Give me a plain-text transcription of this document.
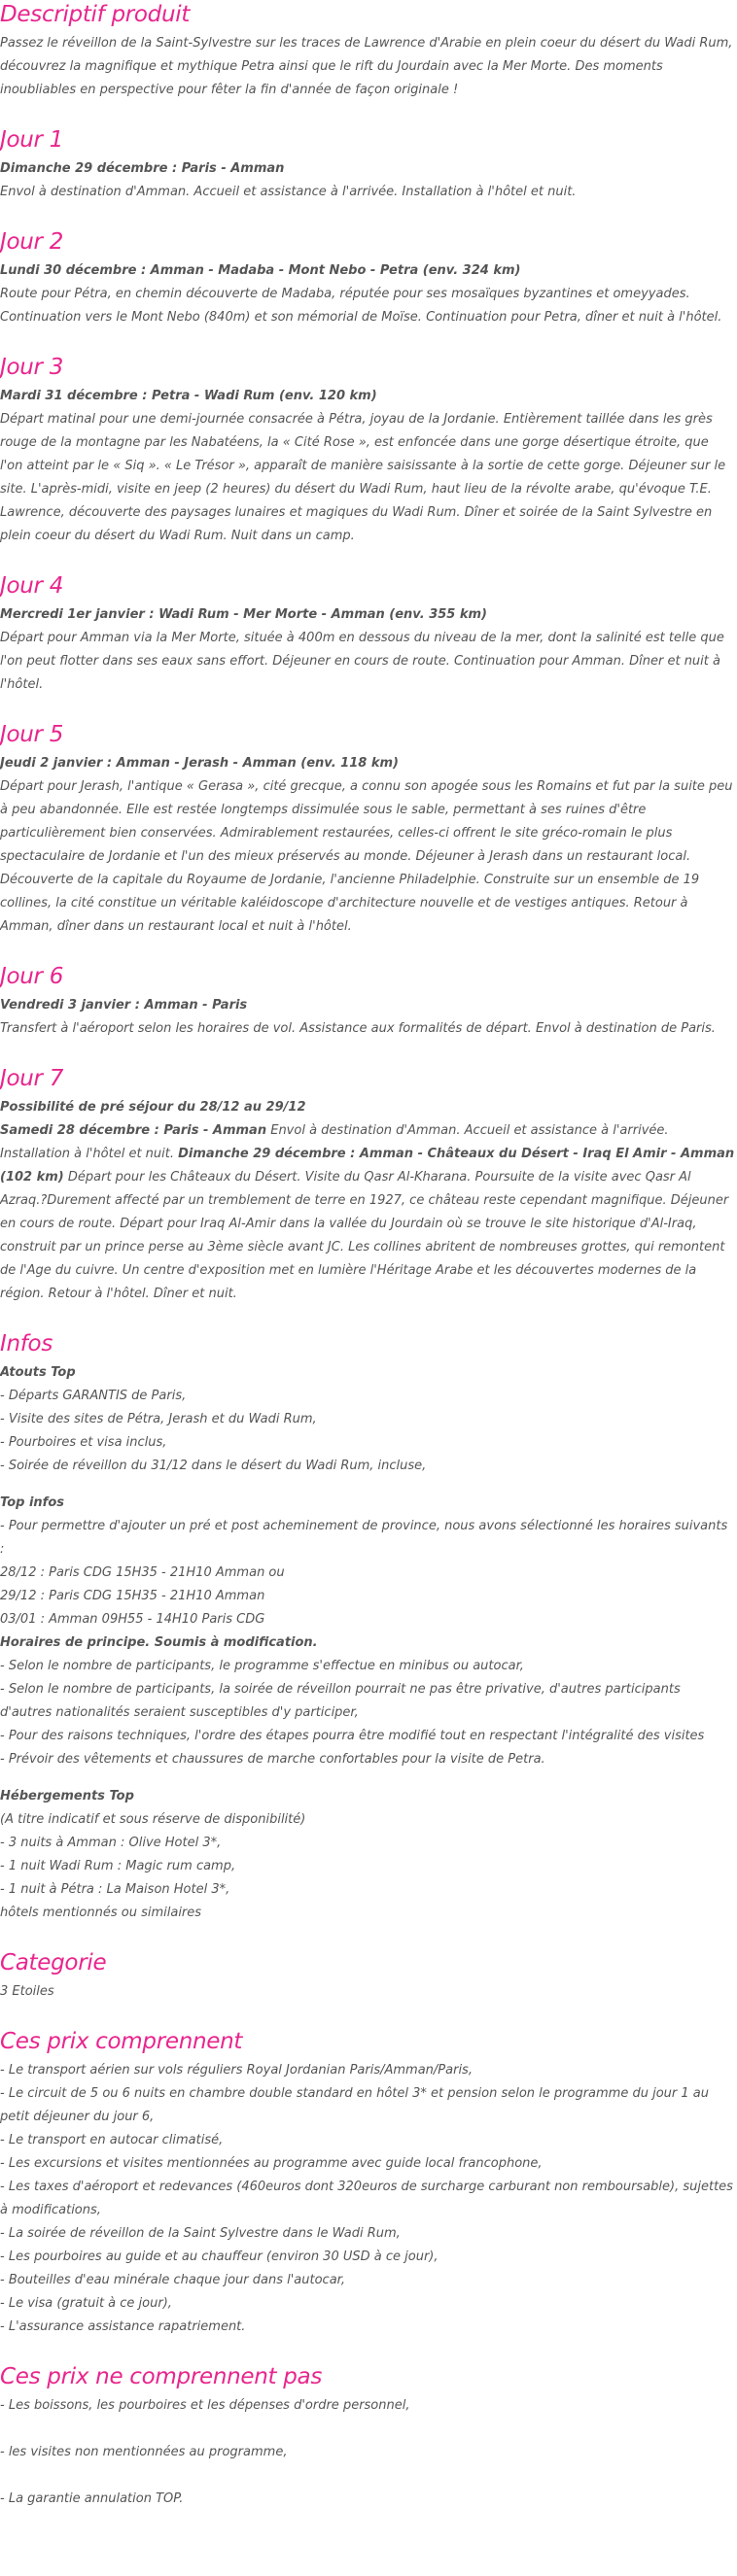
Descriptif produit

Passez le réveillon de la Saint-Sylvestre sur les traces de Lawrence d'Arabie en plein coeur du désert du Wadi Rum, découvrez la magnifique et mythique Petra ainsi que le rift du Jourdain avec la Mer Morte. Des moments inoubliables en perspective pour fêter la fin d'année de façon originale !

Jour 1

Dimanche 29 décembre : Paris - Amman

Envol à destination d'Amman. Accueil et assistance à l'arrivée. Installation à l'hôtel et nuit.

Jour 2

Lundi 30 décembre : Amman - Madaba - Mont Nebo - Petra (env. 324 km)

Route pour Pétra, en chemin découverte de Madaba, réputée pour ses mosaïques byzantines et omeyyades. Continuation vers le Mont Nebo (840m) et son mémorial de Moïse. Continuation pour Petra, dîner et nuit à l'hôtel.

Jour 3

Mardi 31 décembre : Petra - Wadi Rum (env. 120 km)

Départ matinal pour une demi-journée consacrée à Pétra, joyau de la Jordanie. Entièrement taillée dans les grès rouge de la montagne par les Nabatéens, la « Cité Rose », est enfoncée dans une gorge désertique étroite, que l'on atteint par le « Siq ». « Le Trésor », apparaît de manière saisissante à la sortie de cette gorge. Déjeuner sur le site. L'après-midi, visite en jeep (2 heures) du désert du Wadi Rum, haut lieu de la révolte arabe, qu'évoque T.E. Lawrence, découverte des paysages lunaires et magiques du Wadi Rum. Dîner et soirée de la Saint Sylvestre en plein coeur du désert du Wadi Rum. Nuit dans un camp.

Jour 4

Mercredi 1er janvier : Wadi Rum - Mer Morte - Amman (env. 355 km)

Départ pour Amman via la Mer Morte, située à 400m en dessous du niveau de la mer, dont la salinité est telle que l'on peut flotter dans ses eaux sans effort. Déjeuner en cours de route. Continuation pour Amman. Dîner et nuit à l'hôtel.

Jour 5

Jeudi 2 janvier : Amman - Jerash - Amman (env. 118 km)

Départ pour Jerash, l'antique « Gerasa », cité grecque, a connu son apogée sous les Romains et fut par la suite peu à peu abandonnée. Elle est restée longtemps dissimulée sous le sable, permettant à ses ruines d'être particulièrement bien conservées. Admirablement restaurées, celles-ci offrent le site gréco-romain le plus spectaculaire de Jordanie et l'un des mieux préservés au monde. Déjeuner à Jerash dans un restaurant local. Découverte de la capitale du Royaume de Jordanie, l'ancienne Philadelphie. Construite sur un ensemble de 19 collines, la cité constitue un véritable kaléidoscope d'architecture nouvelle et de vestiges antiques. Retour à Amman, dîner dans un restaurant local et nuit à l'hôtel.

Jour 6

Vendredi 3 janvier : Amman - Paris

Transfert à l'aéroport selon les horaires de vol. Assistance aux formalités de départ. Envol à destination de Paris.

Jour 7

Possibilité de pré séjour du 28/12 au 29/12

Samedi 28 décembre : Paris - Amman Envol à destination d'Amman. Accueil et assistance à l'arrivée. Installation à l'hôtel et nuit. Dimanche 29 décembre : Amman - Châteaux du Désert - Iraq El Amir - Amman (102 km) Départ pour les Châteaux du Désert. Visite du Qasr Al-Kharana. Poursuite de la visite avec Qasr Al Azraq.?Durement affecté par un tremblement de terre en 1927, ce château reste cependant magnifique. Déjeuner en cours de route. Départ pour Iraq Al-Amir dans la vallée du Jourdain où se trouve le site historique d'Al-Iraq, construit par un prince perse au 3ème siècle avant JC. Les collines abritent de nombreuses grottes, qui remontent de l'Age du cuivre. Un centre d'exposition met en lumière l'Héritage Arabe et les découvertes modernes de la région. Retour à l'hôtel. Dîner et nuit.

Infos
Atouts Top
- Départs GARANTIS de Paris,
- Visite des sites de Pétra, Jerash et du Wadi Rum,
- Pourboires et visa inclus,
- Soirée de réveillon du 31/12 dans le désert du Wadi Rum, incluse,
Top infos
- Pour permettre d'ajouter un pré et post acheminement de province, nous avons sélectionné les horaires suivants :
28/12 : Paris CDG 15H35 - 21H10 Amman ou
29/12 : Paris CDG 15H35 - 21H10 Amman
03/01 : Amman 09H55 - 14H10 Paris CDG
Horaires de principe. Soumis à modification.
- Selon le nombre de participants, le programme s'effectue en minibus ou autocar,
- Selon le nombre de participants, la soirée de réveillon pourrait ne pas être privative, d'autres participants d'autres nationalités seraient susceptibles d'y participer,
- Pour des raisons techniques, l'ordre des étapes pourra être modifié tout en respectant l'intégralité des visites
- Prévoir des vêtements et chaussures de marche confortables pour la visite de Petra.
Hébergements Top
(A titre indicatif et sous réserve de disponibilité)
- 3 nuits à Amman : Olive Hotel 3*,
- 1 nuit Wadi Rum : Magic rum camp,
- 1 nuit à Pétra : La Maison Hotel 3*,
hôtels mentionnés ou similaires
Categorie

3 Etoiles

Ces prix comprennent
- Le transport aérien sur vols réguliers Royal Jordanian Paris/Amman/Paris,
- Le circuit de 5 ou 6 nuits en chambre double standard en hôtel 3* et pension selon le programme du jour 1 au petit déjeuner du jour 6,
- Le transport en autocar climatisé,
- Les excursions et visites mentionnées au programme avec guide local francophone,
- Les taxes d'aéroport et redevances (460euros dont 320euros de surcharge carburant non remboursable), sujettes à modifications,
- La soirée de réveillon de la Saint Sylvestre dans le Wadi Rum,
- Les pourboires au guide et au chauffeur (environ 30 USD à ce jour),
- Bouteilles d'eau minérale chaque jour dans l'autocar,
- Le visa (gratuit à ce jour),
- L'assurance assistance rapatriement.
Ces prix ne comprennent pas
- Les boissons, les pourboires et les dépenses d'ordre personnel,
- les visites non mentionnées au programme,
- La garantie annulation TOP.
